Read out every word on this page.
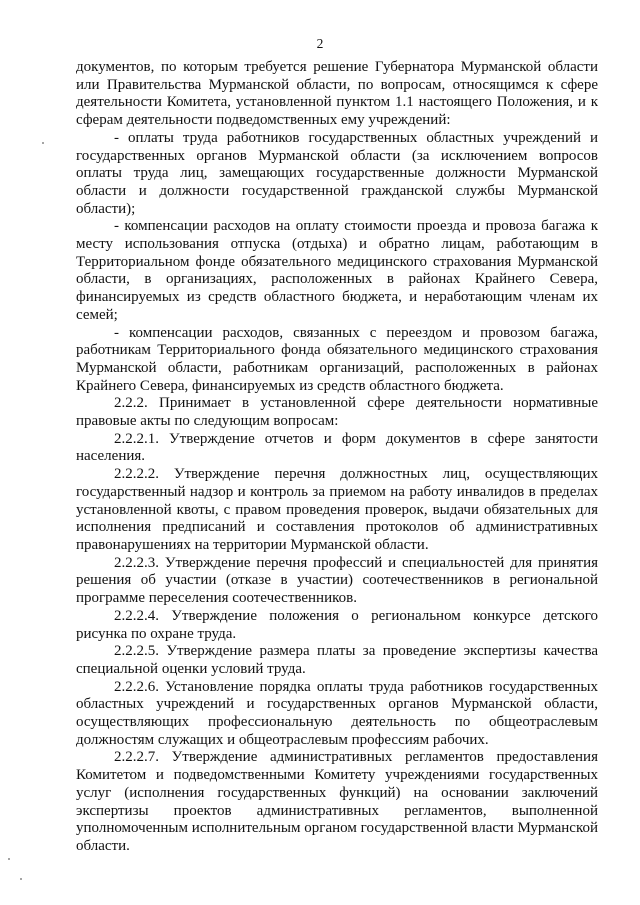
2

документов, по которым требуется решение Губернатора Мурманской области или Правительства Мурманской области, по вопросам, относящимся к сфере деятельности Комитета, установленной пунктом 1.1 настоящего Положения, и к сферам деятельности подведомственных ему учреждений:

- оплаты труда работников государственных областных учреждений и государственных органов Мурманской области (за исключением вопросов оплаты труда лиц, замещающих государственные должности Мурманской области и должности государственной гражданской службы Мурманской области);

- компенсации расходов на оплату стоимости проезда и провоза багажа к месту использования отпуска (отдыха) и обратно лицам, работающим в Территориальном фонде обязательного медицинского страхования Мурманской области, в организациях, расположенных в районах Крайнего Севера, финансируемых из средств областного бюджета, и неработающим членам их семей;

- компенсации расходов, связанных с переездом и провозом багажа, работникам Территориального фонда обязательного медицинского страхования Мурманской области, работникам организаций, расположенных в районах Крайнего Севера, финансируемых из средств областного бюджета.

2.2.2. Принимает в установленной сфере деятельности нормативные правовые акты по следующим вопросам:

2.2.2.1. Утверждение отчетов и форм документов в сфере занятости населения.

2.2.2.2. Утверждение перечня должностных лиц, осуществляющих государственный надзор и контроль за приемом на работу инвалидов в пределах установленной квоты, с правом проведения проверок, выдачи обязательных для исполнения предписаний и составления протоколов об административных правонарушениях на территории Мурманской области.

2.2.2.3. Утверждение перечня профессий и специальностей для принятия решения об участии (отказе в участии) соотечественников в региональной программе переселения соотечественников.

2.2.2.4. Утверждение положения о региональном конкурсе детского рисунка по охране труда.

2.2.2.5. Утверждение размера платы за проведение экспертизы качества специальной оценки условий труда.

2.2.2.6. Установление порядка оплаты труда работников государственных областных учреждений и государственных органов Мурманской области, осуществляющих профессиональную деятельность по общеотраслевым должностям служащих и общеотраслевым профессиям рабочих.

2.2.2.7. Утверждение административных регламентов предоставления Комитетом и подведомственными Комитету учреждениями государственных услуг (исполнения государственных функций) на основании заключений экспертизы проектов административных регламентов, выполненной уполномоченным исполнительным органом государственной власти Мурманской области.
